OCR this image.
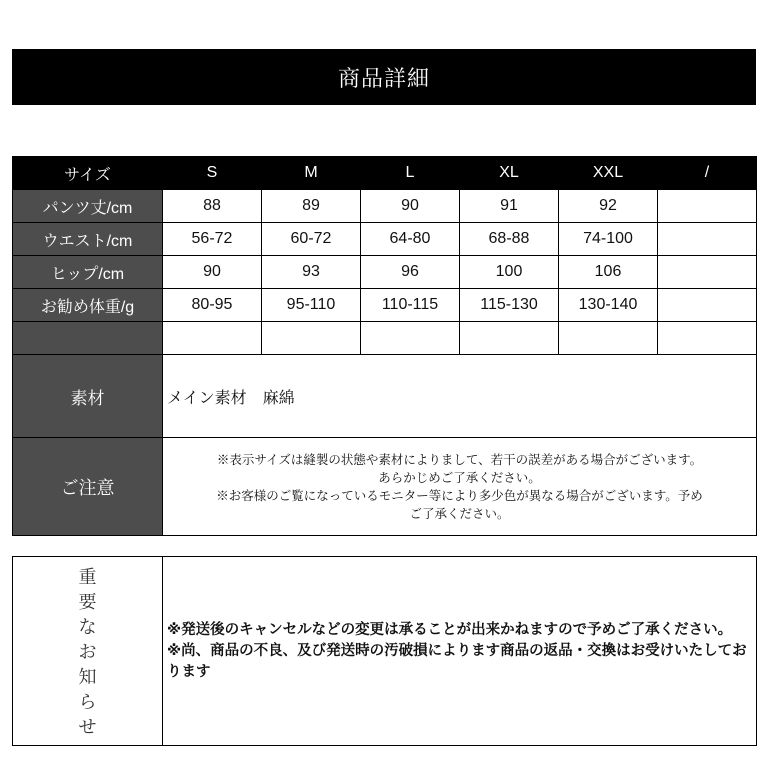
商品詳細
サイズ	S	M	L	XL	XXL	/
パンツ丈/cm	88	89	90	91	92	
ウエスト/cm	56-72	60-72	64-80	68-88	74-100	
ヒップ/cm	90	93	96	100	106	
お勧め体重/g	80-95	95-110	110-115	115-130	130-140	

素材	メイン素材　麻綿					
ご注意	※表示サイズは縫製の状態や素材によりまして、若干の誤差がある場合がございます。
あらかじめご了承ください。
※お客様のご覧になっているモニター等により多少色が異なる場合がございます。予め
ご了承ください。					
重
要
な
お
知
ら
せ

※発送後のキャンセルなどの変更は承ることが出来かねますので予めご了承ください。

※尚、商品の不良、及び発送時の汚破損によります商品の返品・交換はお受けいたしております
